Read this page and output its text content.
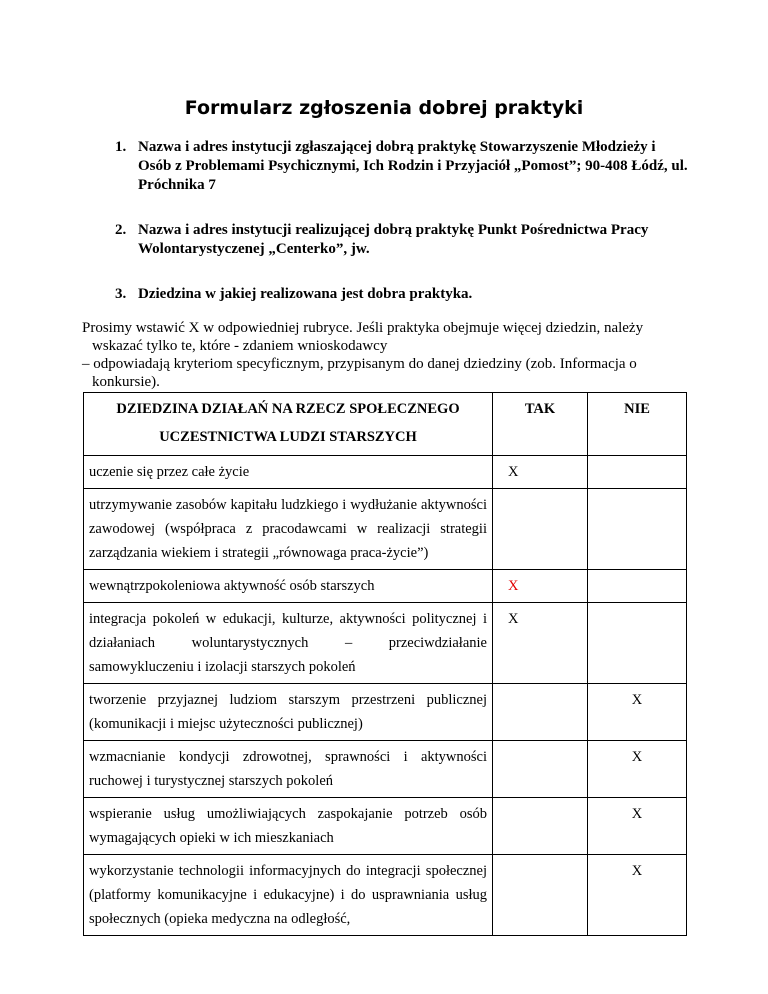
Formularz zgłoszenia dobrej praktyki
1. Nazwa i adres instytucji zgłaszającej dobrą praktykę Stowarzyszenie Młodzieży i Osób z Problemami Psychicznymi, Ich Rodzin i Przyjaciół „Pomost”; 90-408 Łódź, ul. Próchnika 7
2. Nazwa i adres instytucji realizującej dobrą praktykę Punkt Pośrednictwa Pracy Wolontarystyczenej „Centerko”, jw.
3. Dziedzina w jakiej realizowana jest dobra praktyka.
Prosimy wstawić X w odpowiedniej rubryce. Jeśli praktyka obejmuje więcej dziedzin, należy
wskazać tylko te, które - zdaniem wnioskodawcy
– odpowiadają kryteriom specyficznym, przypisanym do danej dziedziny (zob. Informacja o
konkursie).
DZIEDZINA DZIAŁAŃ NA RZECZ SPOŁECZNEGO UCZESTNICTWA LUDZI STARSZYCH	TAK	NIE
uczenie się przez całe życie	X	
utrzymywanie zasobów kapitału ludzkiego i wydłużanie aktywności zawodowej (współpraca z pracodawcami w realizacji strategii zarządzania wiekiem i strategii „równowaga praca-życie”)		
wewnątrzpokoleniowa aktywność osób starszych	X	
integracja pokoleń w edukacji, kulturze, aktywności politycznej i działaniach woluntarystycznych – przeciwdziałanie samowykluczeniu i izolacji starszych pokoleń	X	
tworzenie przyjaznej ludziom starszym przestrzeni publicznej (komunikacji i miejsc użyteczności publicznej)		X
wzmacnianie kondycji zdrowotnej, sprawności i aktywności ruchowej i turystycznej starszych pokoleń		X
wspieranie usług umożliwiających zaspokajanie potrzeb osób wymagających opieki w ich mieszkaniach		X
wykorzystanie technologii informacyjnych do integracji społecznej (platformy komunikacyjne i edukacyjne) i do usprawniania usług społecznych (opieka medyczna na odległość,		X
